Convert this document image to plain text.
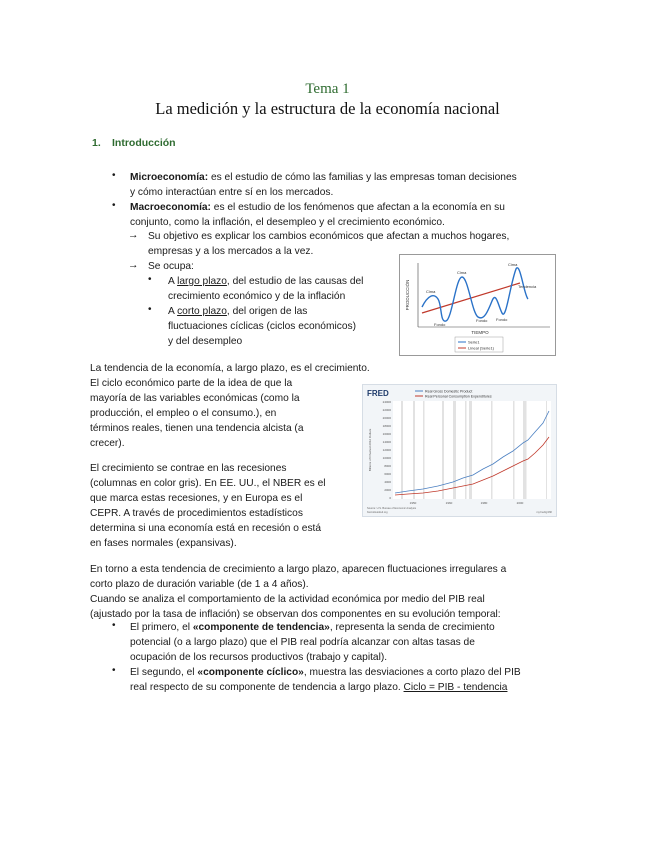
Tema 1
La medición y la estructura de la economía nacional
1. Introducción
• Microeconomía: es el estudio de cómo las familias y las empresas toman decisiones
y cómo interactúan entre sí en los mercados.
• Macroeconomía: es el estudio de los fenómenos que afectan a la economía en su
conjunto, como la inflación, el desempleo y el crecimiento económico.
→ Su objetivo es explicar los cambios económicos que afectan a muchos hogares,
empresas y a los mercados a la vez.
→ Se ocupa:
• A largo plazo, del estudio de las causas del
crecimiento económico y de la inflación
• A corto plazo, del origen de las
fluctuaciones cíclicas (ciclos económicos)
y del desempleo
PRODUCCIÓN
TIEMPO
Cima
Cima
Cima
Fondo
Fondo Fondo
Tendencia
Serie1
Lineal (Serie1)
La tendencia de la economía, a largo plazo, es el crecimiento.
El ciclo económico parte de la idea de que la
mayoría de las variables económicas (como la
producción, el empleo o el consumo.), en
términos reales, tienen una tendencia alcista (a
crecer).
FRED	Real Gross Domestic Product
Real Personal Consumption Expenditures
24000
22000
20000
18000
16000
14000
12000
10000
8000
6000
4000
2000
0
Billions of Chained 2012 Dollars
1950	1960	1980	2000
Source: U.S. Bureau of Economic Analysis
fred.stlouisfed.org	myf.red/g/J6ft
El crecimiento se contrae en las recesiones
(columnas en color gris). En EE. UU., el NBER es el
que marca estas recesiones, y en Europa es el
CEPR. A través de procedimientos estadísticos
determina si una economía está en recesión o está
en fases normales (expansivas).
En torno a esta tendencia de crecimiento a largo plazo, aparecen fluctuaciones irregulares a
corto plazo de duración variable (de 1 a 4 años).
Cuando se analiza el comportamiento de la actividad económica por medio del PIB real
(ajustado por la tasa de inflación) se observan dos componentes en su evolución temporal:
• El primero, el «componente de tendencia», representa la senda de crecimiento
potencial (o a largo plazo) que el PIB real podría alcanzar con altas tasas de
ocupación de los recursos productivos (trabajo y capital).
• El segundo, el «componente cíclico», muestra las desviaciones a corto plazo del PIB
real respecto de su componente de tendencia a largo plazo. Ciclo = PIB - tendencia
